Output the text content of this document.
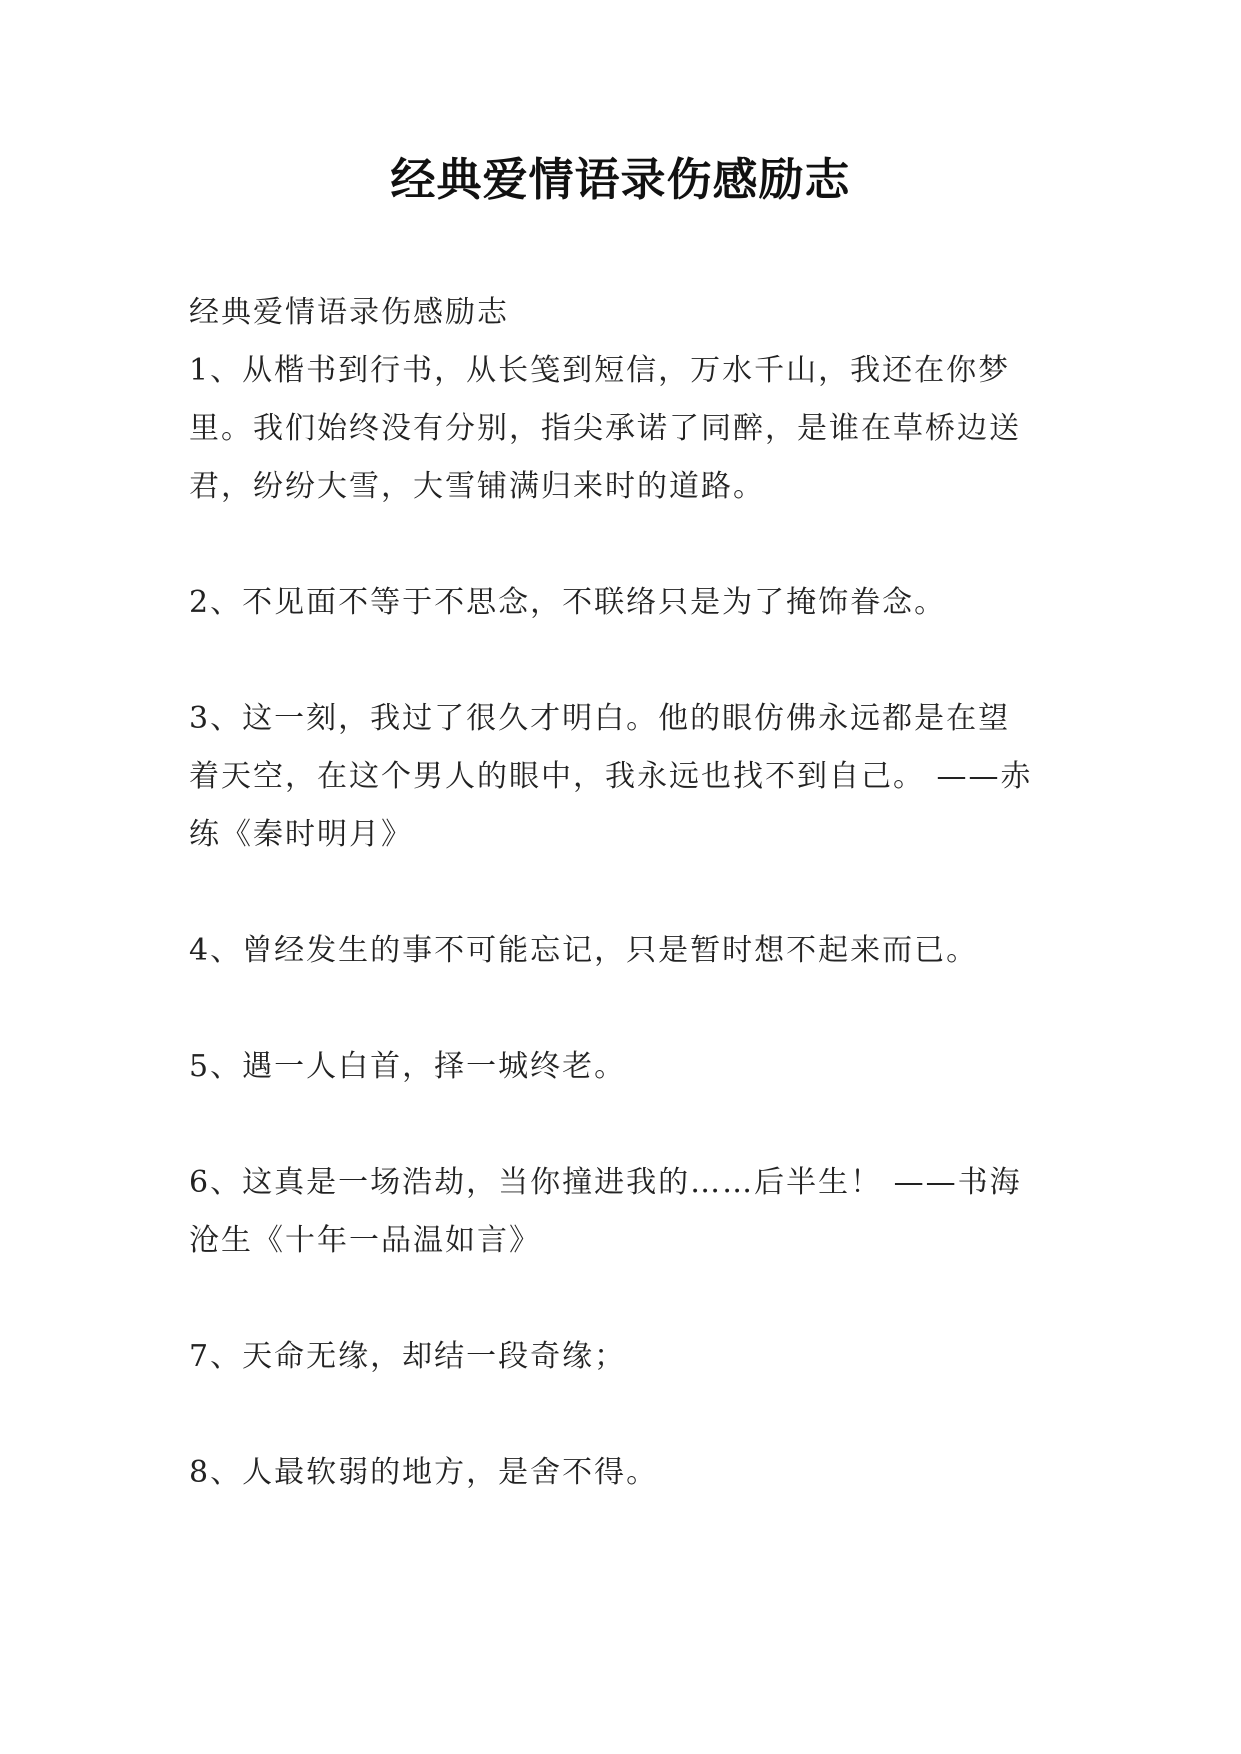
经典爱情语录伤感励志
经典爱情语录伤感励志
1、从楷书到行书，从长笺到短信，万水千山，我还在你梦
里。我们始终没有分别，指尖承诺了同醉，是谁在草桥边送
君，纷纷大雪，大雪铺满归来时的道路。
2、不见面不等于不思念，不联络只是为了掩饰眷念。
3、这一刻，我过了很久才明白。他的眼仿佛永远都是在望
着天空，在这个男人的眼中，我永远也找不到自己。 ——赤
练《秦时明月》
4、曾经发生的事不可能忘记，只是暂时想不起来而已。
5、遇一人白首，择一城终老。
6、这真是一场浩劫，当你撞进我的……后半生！ ——书海
沧生《十年一品温如言》
7、天命无缘，却结一段奇缘；
8、人最软弱的地方，是舍不得。
